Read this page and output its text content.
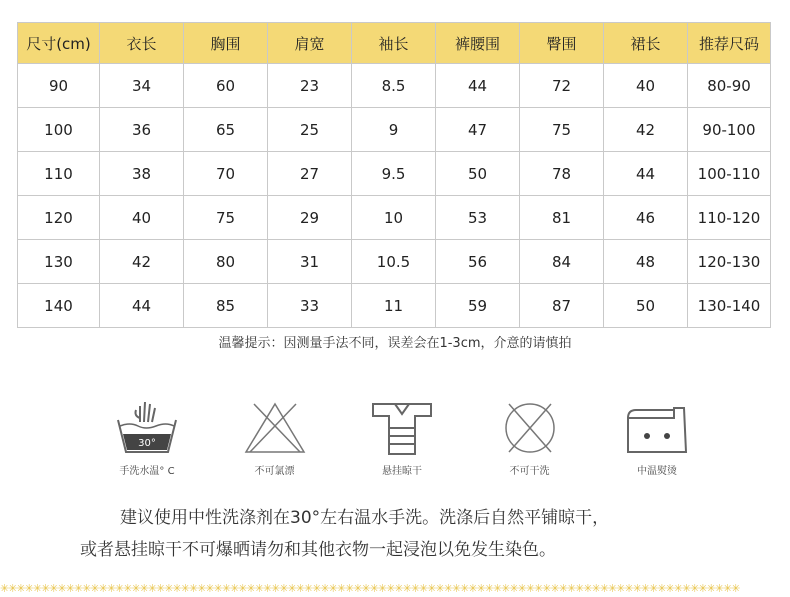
尺寸(cm)	衣长	胸围	肩宽	袖长	裤腰围	臀围	裙长	推荐尺码
90	34	60	23	8.5	44	72	40	80-90
100	36	65	25	9	47	75	42	90-100
110	38	70	27	9.5	50	78	44	100-110
120	40	75	29	10	53	81	46	110-120
130	42	80	31	10.5	56	84	48	120-130
140	44	85	33	11	59	87	50	130-140
温馨提示：因测量手法不同，误差会在1-3cm，介意的请慎拍
30°
手洗水温° C	不可氯漂	悬挂晾干	不可干洗	中温熨烫
建议使用中性洗涤剂在30°左右温水手洗。洗涤后自然平铺晾干，
或者悬挂晾干不可爆晒请勿和其他衣物一起浸泡以免发生染色。
✳✳✳✳✳✳✳✳✳✳✳✳✳✳✳✳✳✳✳✳✳✳✳✳✳✳✳✳✳✳✳✳✳✳✳✳✳✳✳✳✳✳✳✳✳✳✳✳✳✳✳✳✳✳✳✳✳✳✳✳✳✳✳✳✳✳✳✳✳✳✳✳✳✳✳✳✳✳✳✳✳✳✳✳✳✳✳✳✳✳
